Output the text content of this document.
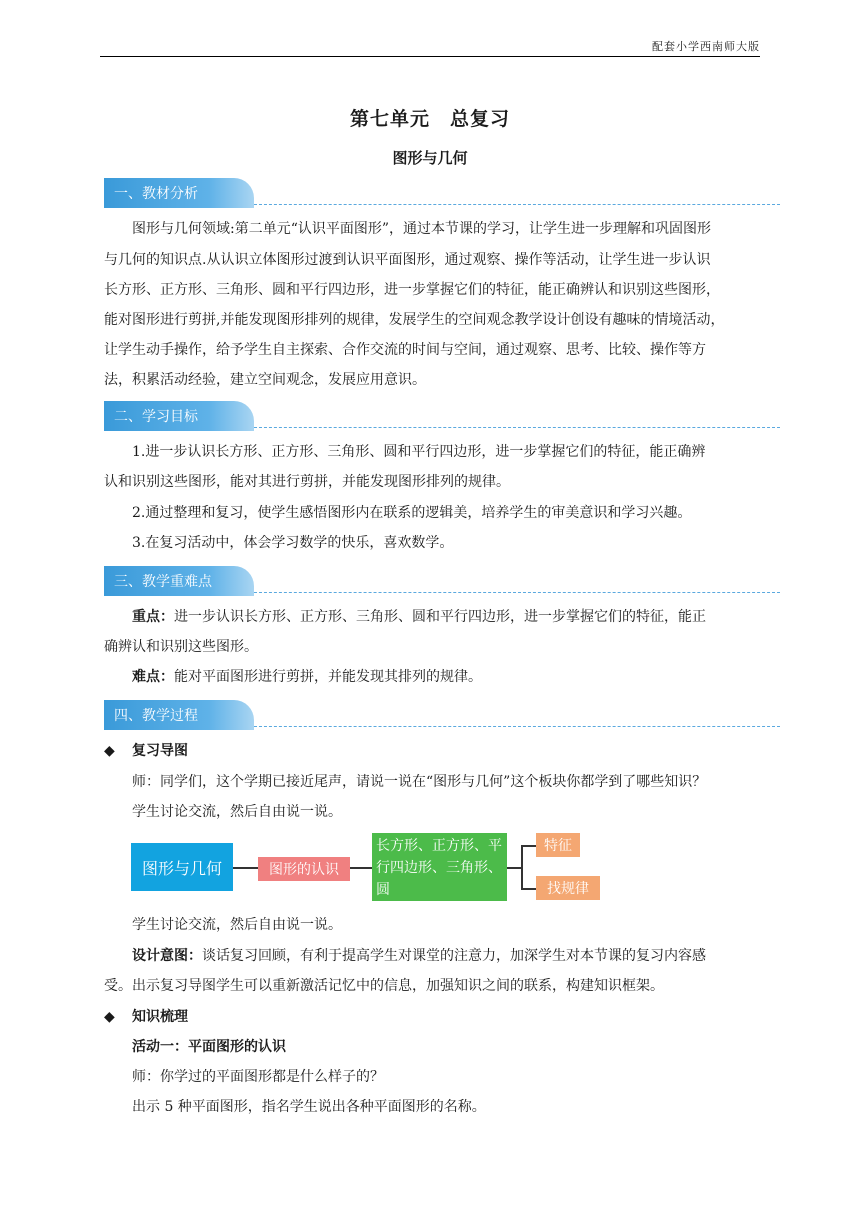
配套小学西南师大版
第七单元　总复习
图形与几何
一、教材分析
图形与几何领域:第二单元“认识平面图形”，通过本节课的学习，让学生进一步理解和巩固图形
与几何的知识点.从认识立体图形过渡到认识平面图形，通过观察、操作等活动，让学生进一步认识
长方形、正方形、三角形、圆和平行四边形，进一步掌握它们的特征，能正确辨认和识别这些图形，
能对图形进行剪拼,并能发现图形排列的规律，发展学生的空间观念教学设计创设有趣味的情境活动，
让学生动手操作，给予学生自主探索、合作交流的时间与空间，通过观察、思考、比较、操作等方
法，积累活动经验，建立空间观念，发展应用意识。
二、学习目标
1.进一步认识长方形、正方形、三角形、圆和平行四边形，进一步掌握它们的特征，能正确辨
认和识别这些图形，能对其进行剪拼，并能发现图形排列的规律。
2.通过整理和复习，使学生感悟图形内在联系的逻辑美，培养学生的审美意识和学习兴趣。
3.在复习活动中，体会学习数学的快乐，喜欢数学。
三、教学重难点
重点：进一步认识长方形、正方形、三角形、圆和平行四边形，进一步掌握它们的特征，能正
确辨认和识别这些图形。
难点：能对平面图形进行剪拼，并能发现其排列的规律。
四、教学过程
◆ 复习导图
师：同学们，这个学期已接近尾声，请说一说在“图形与几何”这个板块你都学到了哪些知识？
学生讨论交流，然后自由说一说。
图形与几何	图形的认识
长方形、正方形、平行四边形、三角形、圆
特征
找规律
学生讨论交流，然后自由说一说。
设计意图：谈话复习回顾，有利于提高学生对课堂的注意力，加深学生对本节课的复习内容感
受。出示复习导图学生可以重新激活记忆中的信息，加强知识之间的联系，构建知识框架。
◆ 知识梳理
活动一：平面图形的认识
师：你学过的平面图形都是什么样子的？
出示 5 种平面图形，指名学生说出各种平面图形的名称。
